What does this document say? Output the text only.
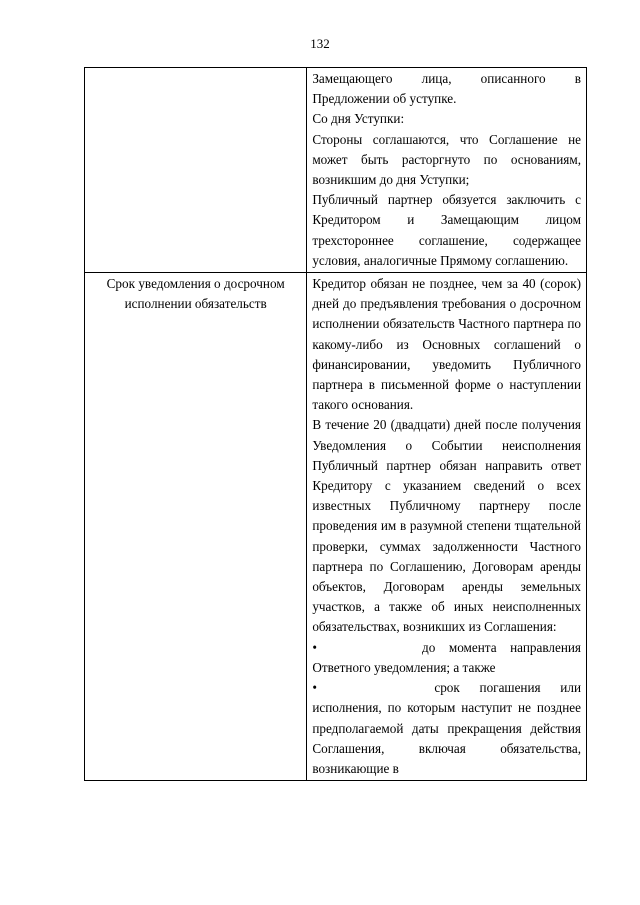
132

	Замещающего лица, описанного в Предложении об уступке.

Со дня Уступки:

Стороны соглашаются, что Соглашение не может быть расторгнуто по основаниям, возникшим до дня Уступки;

Публичный партнер обязуется заключить с Кредитором и Замещающим лицом трехстороннее соглашение, содержащее условия, аналогичные Прямому соглашению.

Срок уведомления о досрочном исполнении обязательств	Кредитор обязан не позднее, чем за 40 (сорок) дней до предъявления требования о досрочном исполнении обязательств Частного партнера по какому-либо из Основных соглашений о финансировании, уведомить Публичного партнера в письменной форме о наступлении такого основания.

В течение 20 (двадцати) дней после получения Уведомления о Событии неисполнения Публичный партнер обязан направить ответ Кредитору с указанием сведений о всех известных Публичному партнеру после проведения им в разумной степени тщательной проверки, суммах задолженности Частного партнера по Соглашению, Договорам аренды объектов, Договорам аренды земельных участков, а также об иных неисполненных обязательствах, возникших из Соглашения:

• до момента направления Ответного уведомления; а также

• срок погашения или исполнения, по которым наступит не позднее предполагаемой даты прекращения действия Соглашения, включая обязательства, возникающие в
